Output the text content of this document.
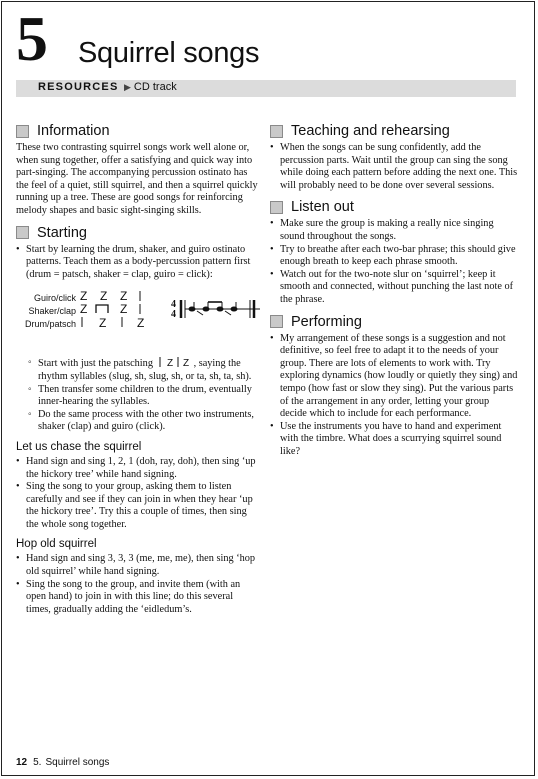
5 Squirrel songs
RESOURCES ▶ CD track
Information

These two contrasting squirrel songs work well alone or, when sung together, offer a satisfying and quick way into part-singing. The accompanying percussion ostinato has the feel of a quiet, still squirrel, and then a squirrel quickly running up a tree. These are good songs for reinforcing melody shapes and basic sight-singing skills.

Starting
• Start by learning the drum, shaker, and guiro ostinato patterns. Teach them as a body-percussion pattern first (drum = patsch, shaker = clap, guiro = click):
Guiro/click
Shaker/clap
Drum/patsch
Z Z Z
Z	Z
Z	Z
4
4
◦ Start with just the patsching Z Z , saying the rhythm syllables (slug, sh, slug, sh, or ta, sh, ta, sh).
◦ Then transfer some children to the drum, eventually inner-hearing the syllables.
◦ Do the same process with the other two instruments, shaker (clap) and guiro (click).
Let us chase the squirrel
• Hand sign and sing 1, 2, 1 (doh, ray, doh), then sing ‘up the hickory tree’ while hand signing.
• Sing the song to your group, asking them to listen carefully and see if they can join in when they hear ‘up the hickory tree’. Try this a couple of times, then sing the whole song together.
Hop old squirrel
• Hand sign and sing 3, 3, 3 (me, me, me), then sing ‘hop old squirrel’ while hand signing.
• Sing the song to the group, and invite them (with an open hand) to join in with this line; do this several times, gradually adding the ‘eidledum’s.
Teaching and rehearsing
• When the songs can be sung confidently, add the percussion parts. Wait until the group can sing the song while doing each pattern before adding the next one. This will probably need to be done over several sessions.
Listen out
• Make sure the group is making a really nice singing sound throughout the songs.
• Try to breathe after each two-bar phrase; this should give enough breath to keep each phrase smooth.
• Watch out for the two-note slur on ‘squirrel’; keep it smooth and connected, without punching the last note of the phrase.
Performing
• My arrangement of these songs is a suggestion and not definitive, so feel free to adapt it to the needs of your group. There are lots of elements to work with. Try exploring dynamics (how loudly or quietly they sing) and tempo (how fast or slow they sing). Put the various parts of the arrangement in any order, letting your group decide which to include for each performance.
• Use the instruments you have to hand and experiment with the timbre. What does a scurrying squirrel sound like?
12 5. Squirrel songs
